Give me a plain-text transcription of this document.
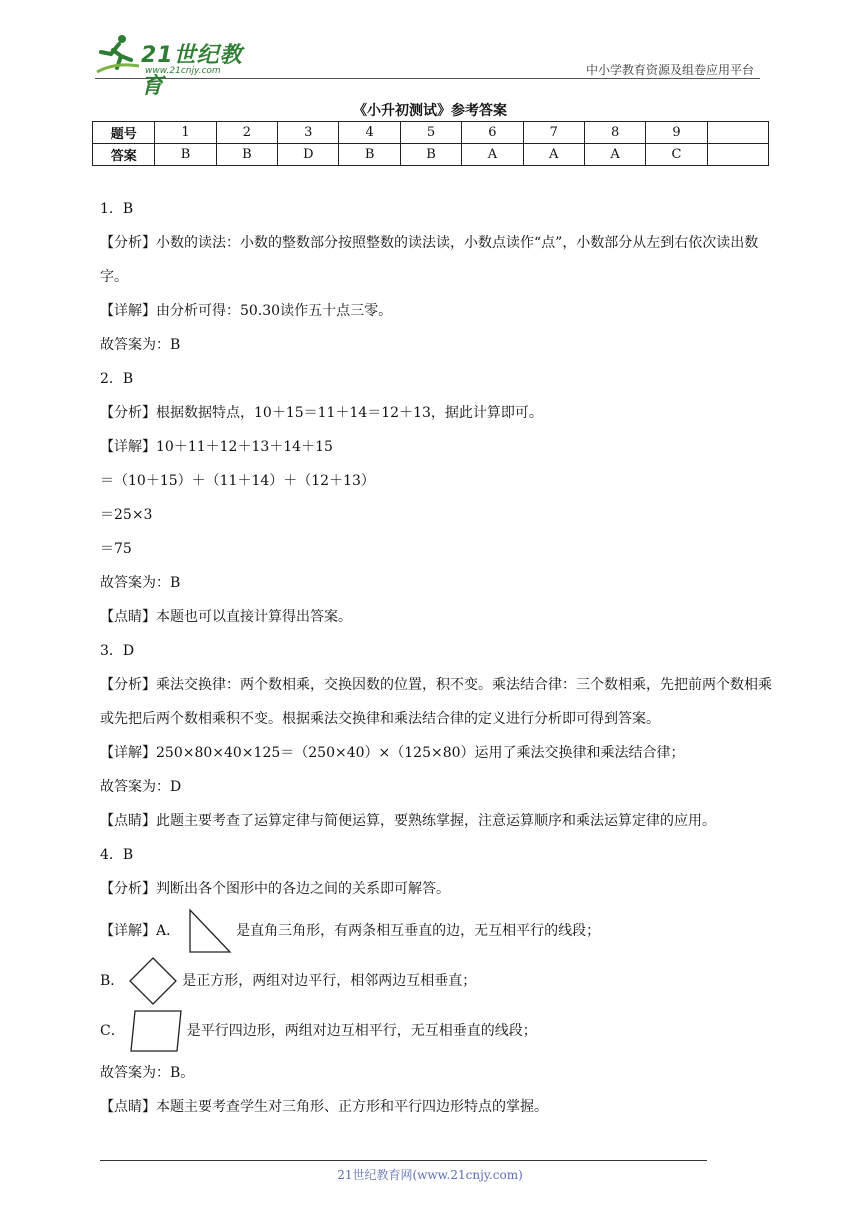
21世纪教育
www.21cnjy.com	中小学教育资源及组卷应用平台
《小升初测试》参考答案
题号	1	2	3	4	5	6	7	8	9	
答案	B	B	D	B	B	A	A	A	C	
1．B
【分析】小数的读法：小数的整数部分按照整数的读法读，小数点读作“点”，小数部分从左到右依次读出数字。
【详解】由分析可得：50.30读作五十点三零。
故答案为：B
2．B
【分析】根据数据特点，10＋15＝11＋14＝12＋13，据此计算即可。
【详解】10＋11＋12＋13＋14＋15
＝（10＋15）＋（11＋14）＋（12＋13）
＝25×3
＝75
故答案为：B
【点睛】本题也可以直接计算得出答案。
3．D
【分析】乘法交换律：两个数相乘，交换因数的位置，积不变。乘法结合律：三个数相乘，先把前两个数相乘或先把后两个数相乘积不变。根据乘法交换律和乘法结合律的定义进行分析即可得到答案。
【详解】250×80×40×125＝（250×40）×（125×80）运用了乘法交换律和乘法结合律；
故答案为：D
【点睛】此题主要考查了运算定律与简便运算，要熟练掌握，注意运算顺序和乘法运算定律的应用。
4．B
【分析】判断出各个图形中的各边之间的关系即可解答。
【详解】A．	是直角三角形，有两条相互垂直的边，无互相平行的线段；
B．	是正方形，两组对边平行，相邻两边互相垂直；
C．	是平行四边形，两组对边互相平行，无互相垂直的线段；
故答案为：B。
【点睛】本题主要考查学生对三角形、正方形和平行四边形特点的掌握。
21世纪教育网(www.21cnjy.com)
